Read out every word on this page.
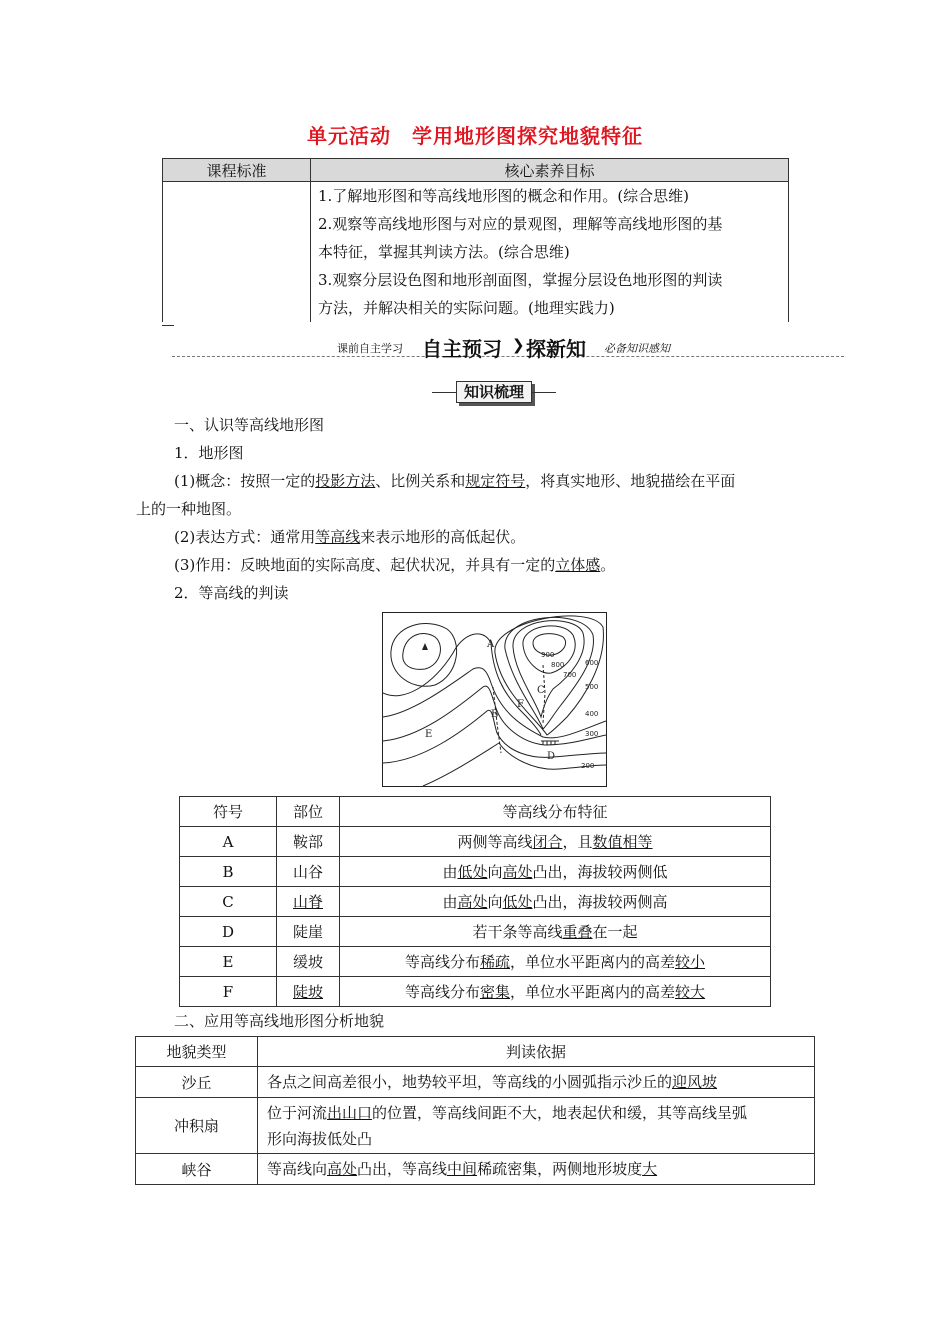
单元活动　学用地形图探究地貌特征
课程标准	核心素养目标

	1.了解地形图和等高线地形图的概念和作用。(综合思维)
2.观察等高线地形图与对应的景观图，理解等高线地形图的基
本特征，掌握其判读方法。(综合思维)
3.观察分层设色图和地形剖面图，掌握分层设色地形图的判读
方法，并解决相关的实际问题。(地理实践力)
课前自主学习 自主预习 ❯ 探新知 必备知识感知
知识梳理
一、认识等高线地形图
1．地形图
(1)概念：按照一定的投影方法、比例关系和规定符号，将真实地形、地貌描绘在平面
上的一种地图。
(2)表达方式：通常用等高线来表示地形的高低起伏。
(3)作用：反映地面的实际高度、起伏状况，并具有一定的立体感。
2．等高线的判读
A
B
C
D
E
F
900
800
700
600
500
400
300
200
符号	部位	等高线分布特征
A	鞍部	两侧等高线闭合，且数值相等
B	山谷	由低处向高处凸出，海拔较两侧低
C	山脊	由高处向低处凸出，海拔较两侧高
D	陡崖	若干条等高线重叠在一起
E	缓坡	等高线分布稀疏，单位水平距离内的高差较小
F	陡坡	等高线分布密集，单位水平距离内的高差较大
二、应用等高线地形图分析地貌
地貌类型	判读依据
沙丘	各点之间高差很小，地势较平坦，等高线的小圆弧指示沙丘的迎风坡

冲积扇	位于河流出山口的位置，等高线间距不大，地表起伏和缓，其等高线呈弧
形向海拔低处凸

峡谷	等高线向高处凸出，等高线中间稀疏密集，两侧地形坡度大
